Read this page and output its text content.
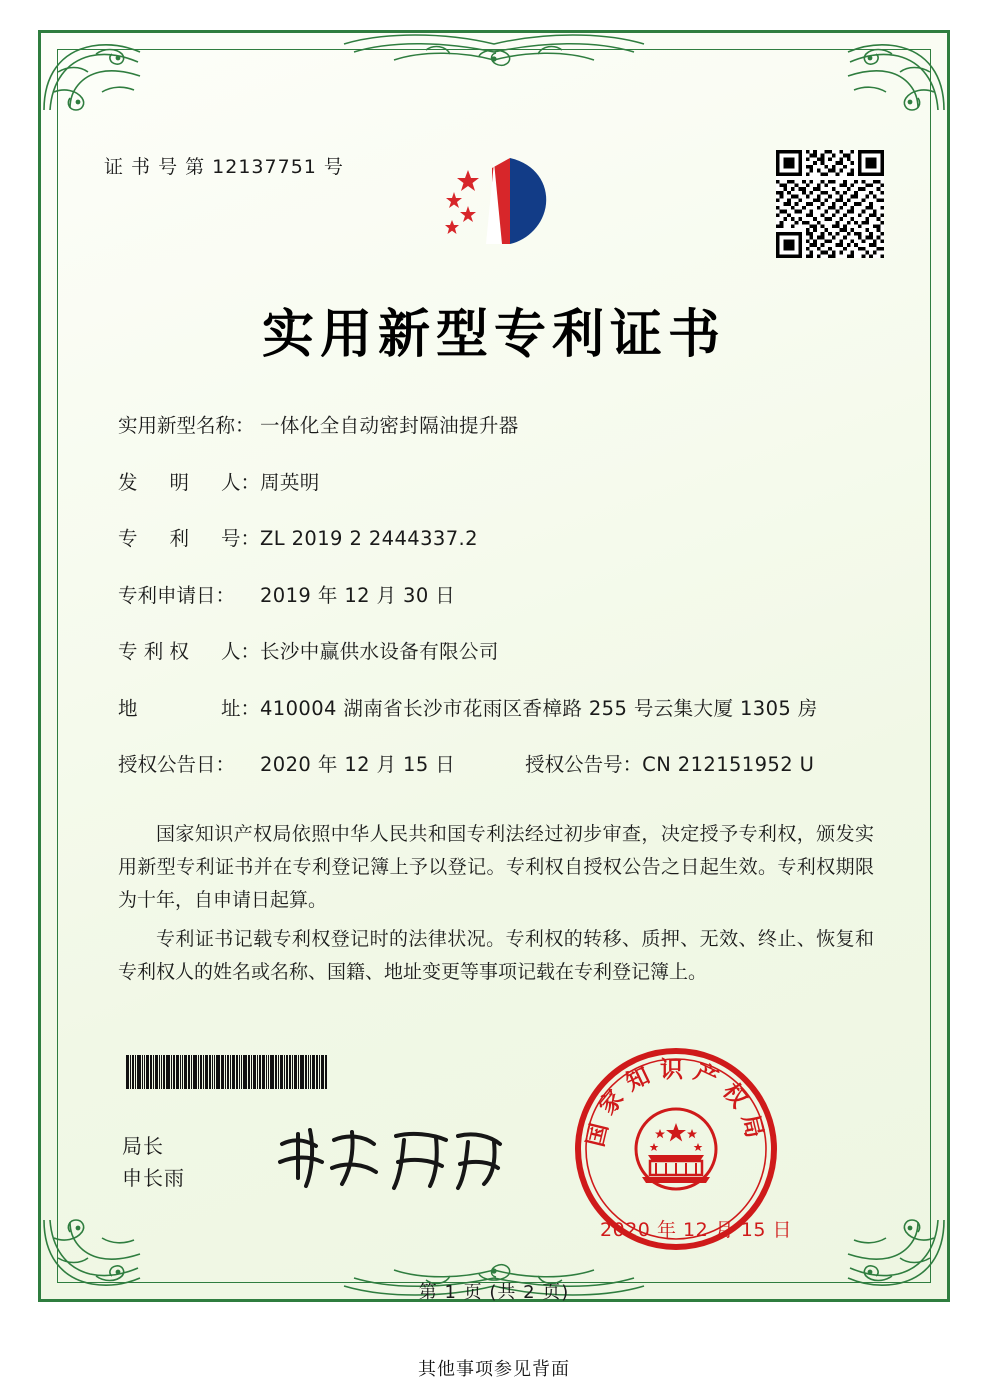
证 书 号 第 12137751 号
实用新型专利证书
实用新型名称： 一体化全自动密封隔油提升器
发 明 人： 周英明
专 利 号： ZL 2019 2 2444337.2
专利申请日：	2019 年 12 月 30 日
专 利 权 人： 长沙中赢供水设备有限公司
地	址： 410004 湖南省长沙市花雨区香樟路 255 号云集大厦 1305 房
授权公告日：	2020 年 12 月 15 日	授权公告号： CN 212151952 U

国家知识产权局依照中华人民共和国专利法经过初步审查，决定授予专利权，颁发实用新型专利证书并在专利登记簿上予以登记。专利权自授权公告之日起生效。专利权期限为十年，自申请日起算。

专利证书记载专利权登记时的法律状况。专利权的转移、质押、无效、终止、恢复和专利权人的姓名或名称、国籍、地址变更等事项记载在专利登记簿上。

局长
申长雨
国家知识产权局
2020 年 12 月 15 日
第 1 页 (共 2 页)
其他事项参见背面
